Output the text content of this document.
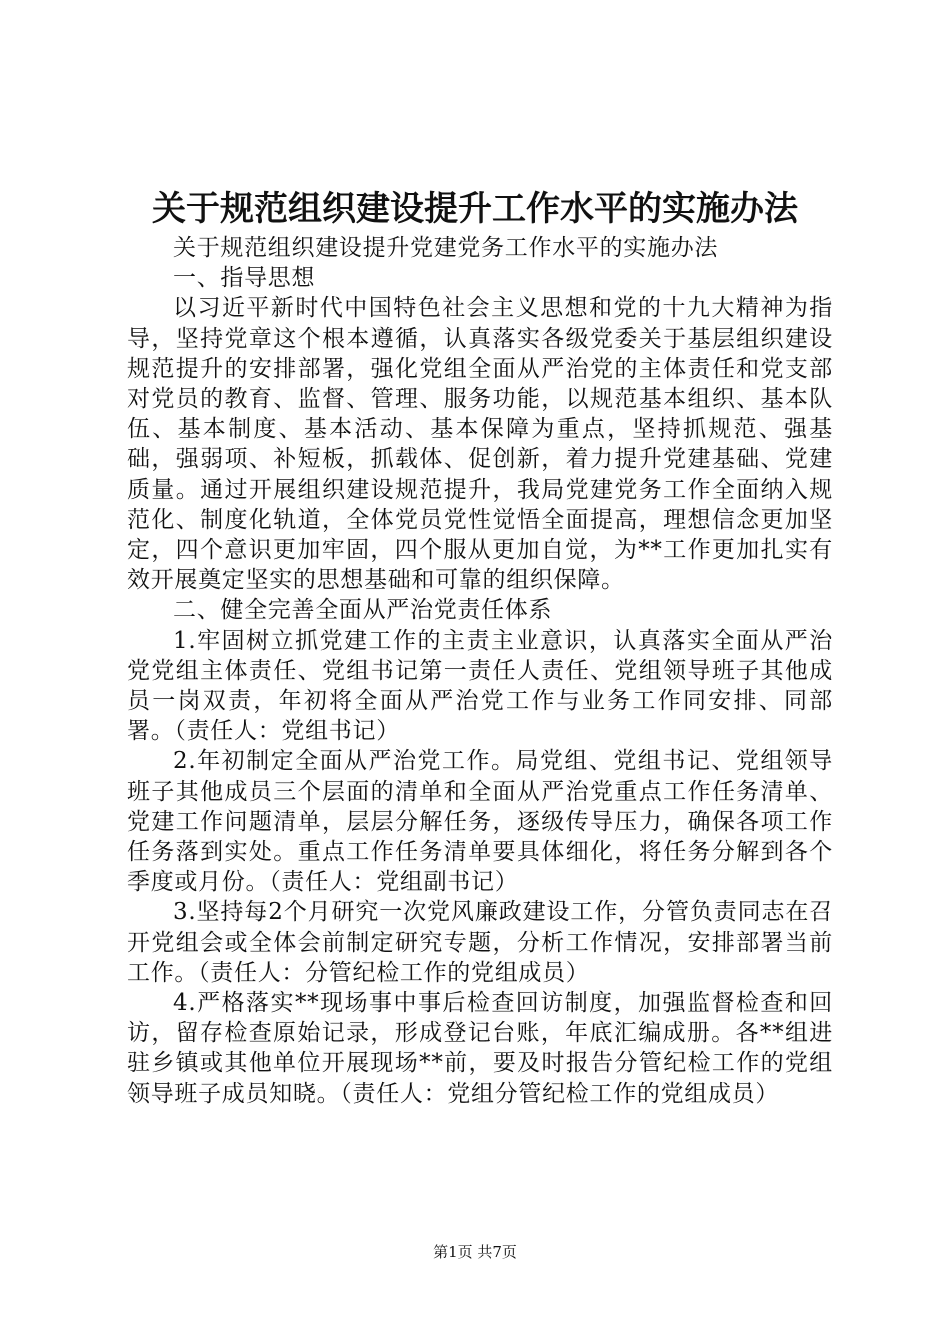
关于规范组织建设提升工作水平的实施办法

关于规范组织建设提升党建党务工作水平的实施办法

一、指导思想

以习近平新时代中国特色社会主义思想和党的十九大精神为指导，坚持党章这个根本遵循，认真落实各级党委关于基层组织建设规范提升的安排部署，强化党组全面从严治党的主体责任和党支部对党员的教育、监督、管理、服务功能，以规范基本组织、基本队伍、基本制度、基本活动、基本保障为重点，坚持抓规范、强基础，强弱项、补短板，抓载体、促创新，着力提升党建基础、党建质量。通过开展组织建设规范提升，我局党建党务工作全面纳入规范化、制度化轨道，全体党员党性觉悟全面提高，理想信念更加坚定，四个意识更加牢固，四个服从更加自觉，为**工作更加扎实有效开展奠定坚实的思想基础和可靠的组织保障。

二、健全完善全面从严治党责任体系

1.牢固树立抓党建工作的主责主业意识，认真落实全面从严治党党组主体责任、党组书记第一责任人责任、党组领导班子其他成员一岗双责，年初将全面从严治党工作与业务工作同安排、同部署。（责任人：党组书记）

2.年初制定全面从严治党工作。局党组、党组书记、党组领导班子其他成员三个层面的清单和全面从严治党重点工作任务清单、党建工作问题清单，层层分解任务，逐级传导压力，确保各项工作任务落到实处。重点工作任务清单要具体细化，将任务分解到各个季度或月份。（责任人：党组副书记）

3.坚持每2个月研究一次党风廉政建设工作，分管负责同志在召开党组会或全体会前制定研究专题，分析工作情况，安排部署当前工作。（责任人：分管纪检工作的党组成员）

4.严格落实**现场事中事后检查回访制度，加强监督检查和回访，留存检查原始记录，形成登记台账，年底汇编成册。各**组进驻乡镇或其他单位开展现场**前，要及时报告分管纪检工作的党组领导班子成员知晓。（责任人：党组分管纪检工作的党组成员）

第1页 共7页
